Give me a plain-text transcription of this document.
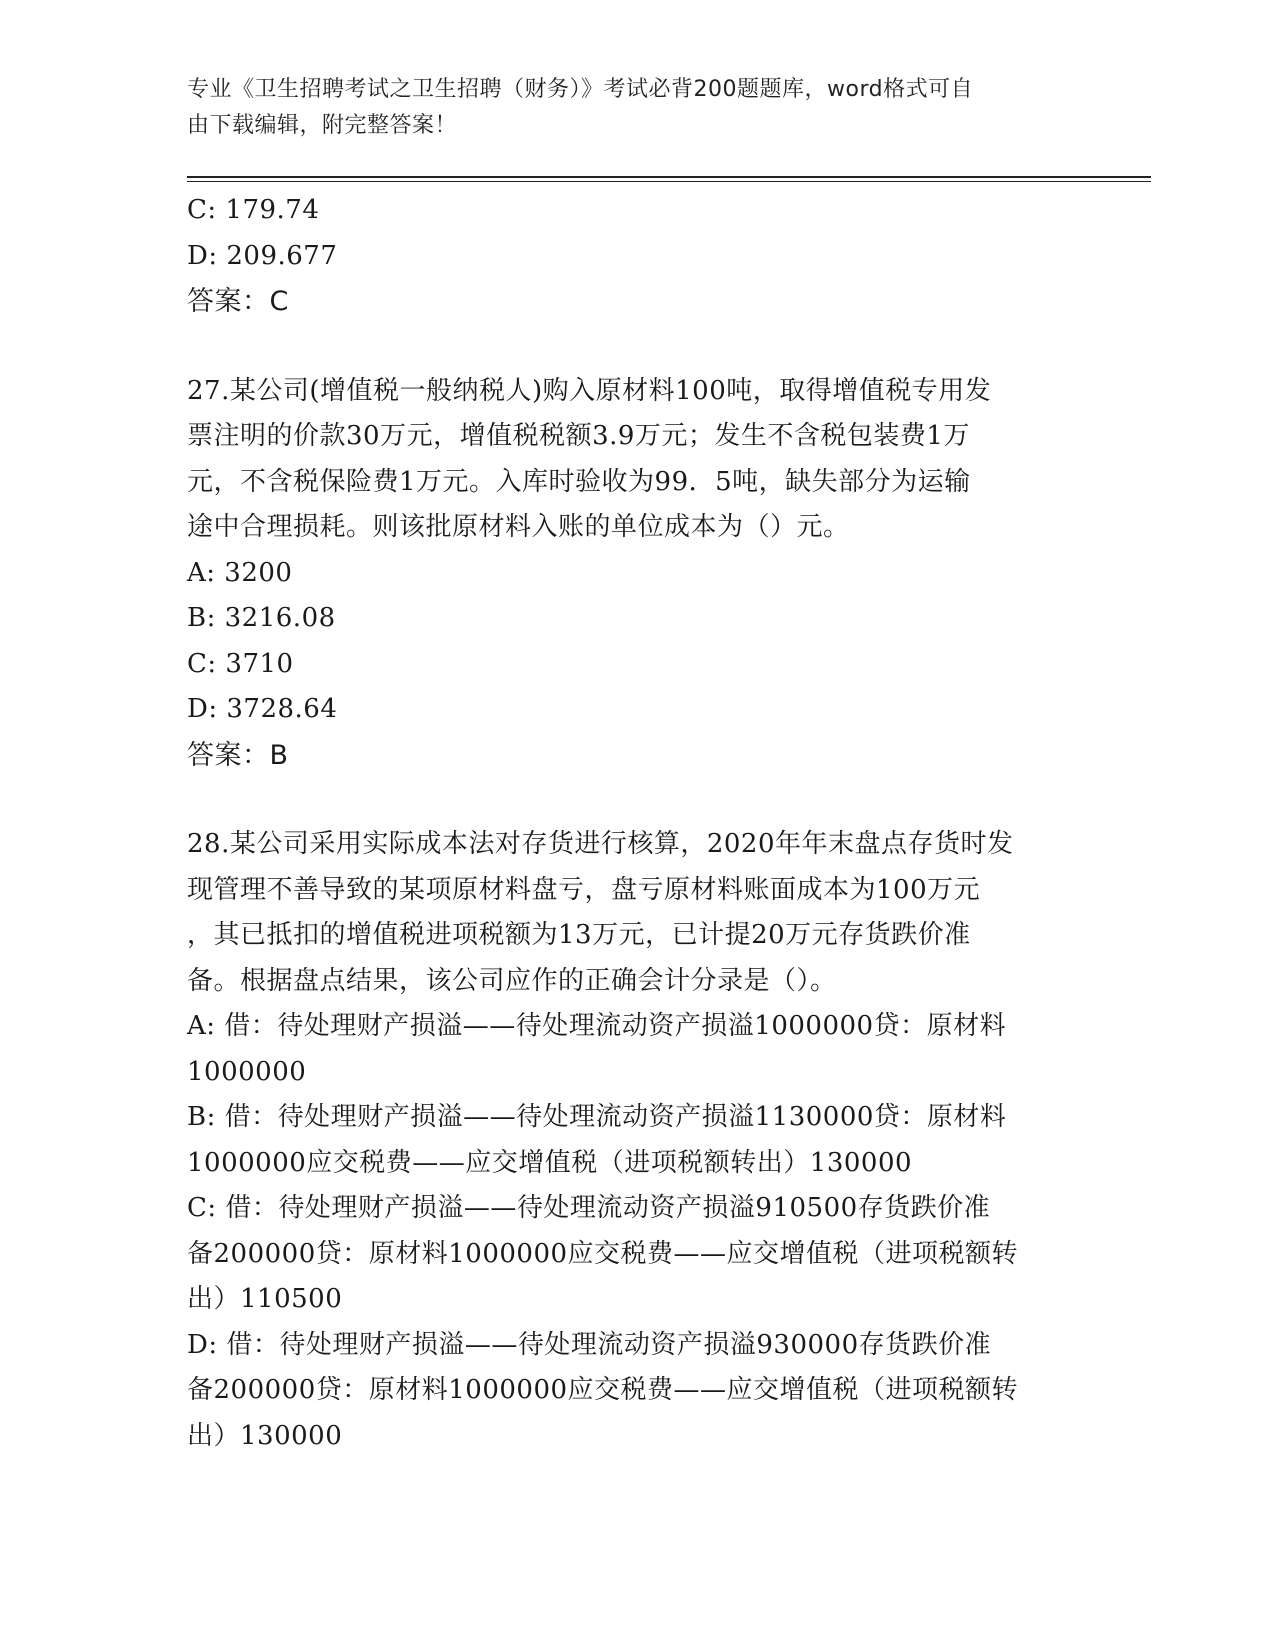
专业《卫生招聘考试之卫生招聘（财务）》考试必背200题题库，word格式可自
由下载编辑，附完整答案！
C: 179.74
D: 209.677
答案：C
27.某公司(增值税一般纳税人)购入原材料100吨，取得增值税专用发
票注明的价款30万元，增值税税额3.9万元；发生不含税包装费1万
元，不含税保险费1万元。入库时验收为99．5吨，缺失部分为运输
途中合理损耗。则该批原材料入账的单位成本为（）元。
A: 3200
B: 3216.08
C: 3710
D: 3728.64
答案：B
28.某公司采用实际成本法对存货进行核算，2020年年末盘点存货时发
现管理不善导致的某项原材料盘亏，盘亏原材料账面成本为100万元
，其已抵扣的增值税进项税额为13万元，已计提20万元存货跌价准
备。根据盘点结果，该公司应作的正确会计分录是（）。
A: 借：待处理财产损溢——待处理流动资产损溢1000000贷：原材料
1000000
B: 借：待处理财产损溢——待处理流动资产损溢1130000贷：原材料
1000000应交税费——应交增值税（进项税额转出）130000
C: 借：待处理财产损溢——待处理流动资产损溢910500存货跌价准
备200000贷：原材料1000000应交税费——应交增值税（进项税额转
出）110500
D: 借：待处理财产损溢——待处理流动资产损溢930000存货跌价准
备200000贷：原材料1000000应交税费——应交增值税（进项税额转
出）130000
